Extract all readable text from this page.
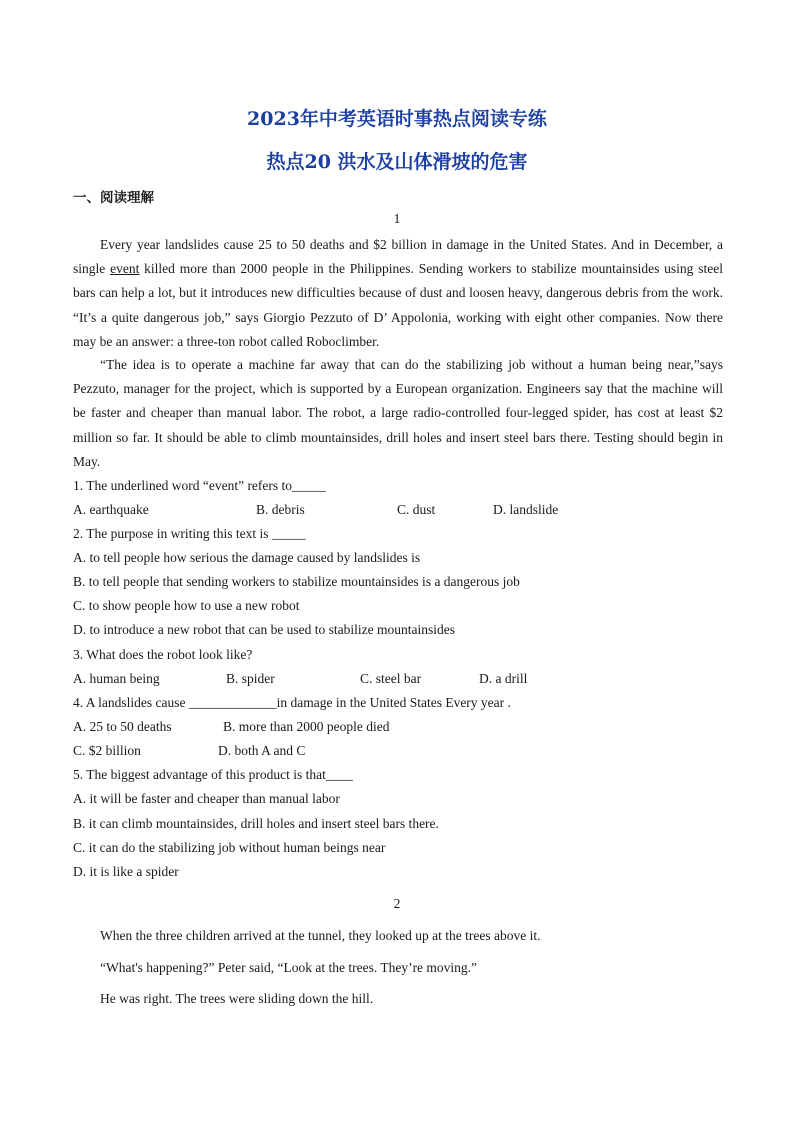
2023年中考英语时事热点阅读专练
热点20 洪水及山体滑坡的危害
一、阅读理解
1

Every year landslides cause 25 to 50 deaths and $2 billion in damage in the United States. And in December, a single event killed more than 2000 people in the Philippines. Sending workers to stabilize mountainsides using steel bars can help a lot, but it introduces new difficulties because of dust and loosen heavy, dangerous debris from the work. “It’s a quite dangerous job,” says Giorgio Pezzuto of D’ Appolonia, working with eight other companies. Now there may be an answer: a three-ton robot called Roboclimber.

“The idea is to operate a machine far away that can do the stabilizing job without a human being near,”says Pezzuto, manager for the project, which is supported by a European organization. Engineers say that the machine will be faster and cheaper than manual labor. The robot, a large radio-controlled four-legged spider, has cost at least $2 million so far. It should be able to climb mountainsides, drill holes and insert steel bars there. Testing should begin in May.

1. The underlined word “event” refers to_____
A. earthquake	B. debris	C. dust	D. landslide
2. The purpose in writing this text is _____
A. to tell people how serious the damage caused by landslides is
B. to tell people that sending workers to stabilize mountainsides is a dangerous job
C. to show people how to use a new robot
D. to introduce a new robot that can be used to stabilize mountainsides
3. What does the robot look like?
A. human being	B. spider	C. steel bar	D. a drill
4. A landslides cause _____________in damage in the United States Every year .
A. 25 to 50 deaths	B. more than 2000 people died
C. $2 billion	D. both A and C
5. The biggest advantage of this product is that____
A. it will be faster and cheaper than manual labor
B. it can climb mountainsides, drill holes and insert steel bars there.
C. it can do the stabilizing job without human beings near
D. it is like a spider
2
When the three children arrived at the tunnel, they looked up at the trees above it.
“What's happening?” Peter said, “Look at the trees. They’re moving.”
He was right. The trees were sliding down the hill.
